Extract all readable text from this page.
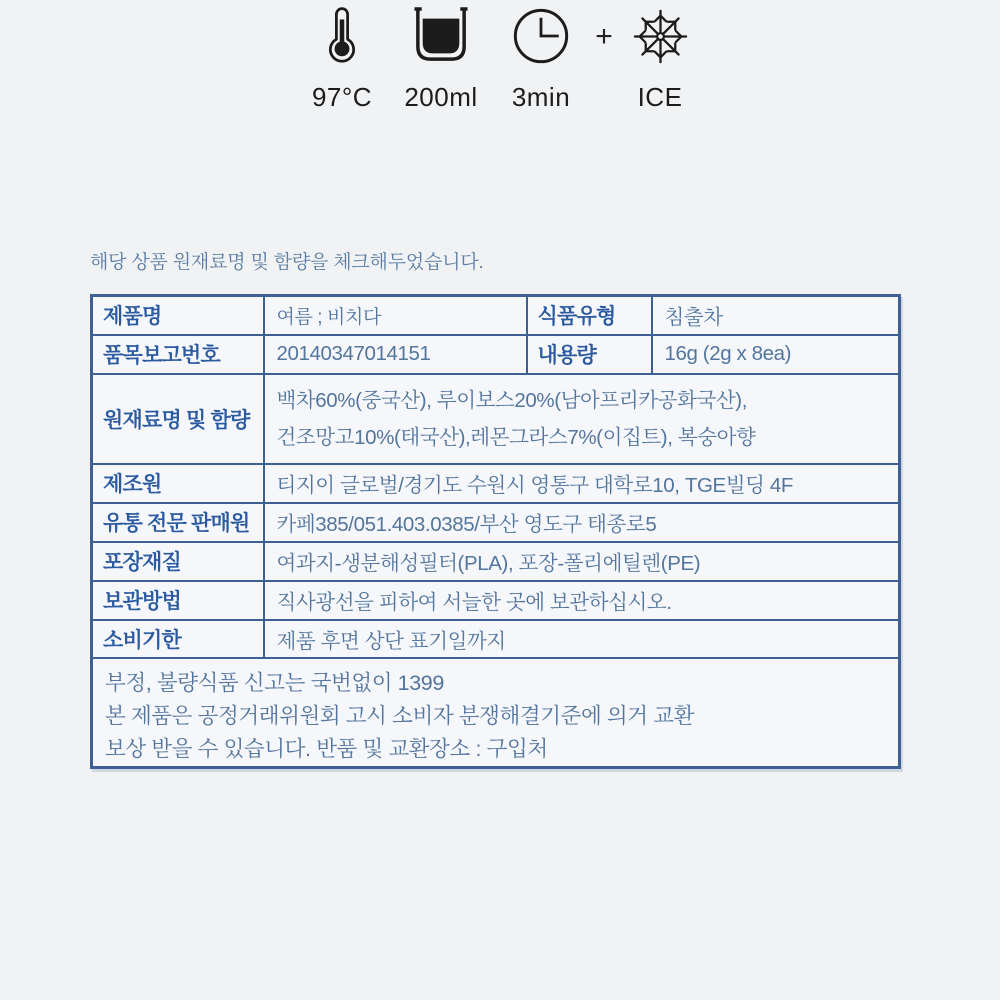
97°C 200ml 3min
+
ICE
해당 상품 원재료명 및 함량을 체크해두었습니다.
제품명	여름 ; 비치다	식품유형	침출차
품목보고번호	20140347014151	내용량	16g (2g x 8ea)
원재료명 및 함량	백차60%(중국산), 루이보스20%(남아프리카공화국산),
건조망고10%(태국산),레몬그라스7%(이집트), 복숭아향		

제조원	티지이 글로벌/경기도 수원시 영통구 대학로10, TGE빌딩 4F		
유통 전문 판매원	카페385/051.403.0385/부산 영도구 태종로5		
포장재질	여과지-생분해성필터(PLA), 포장-폴리에틸렌(PE)		
보관방법	직사광선을 피하여 서늘한 곳에 보관하십시오.		
소비기한	제품 후면 상단 표기일까지		

부정, 불량식품 신고는 국번없이 1399
본 제품은 공정거래위원회 고시 소비자 분쟁해결기준에 의거 교환
보상 받을 수 있습니다. 반품 및 교환장소 : 구입처			
